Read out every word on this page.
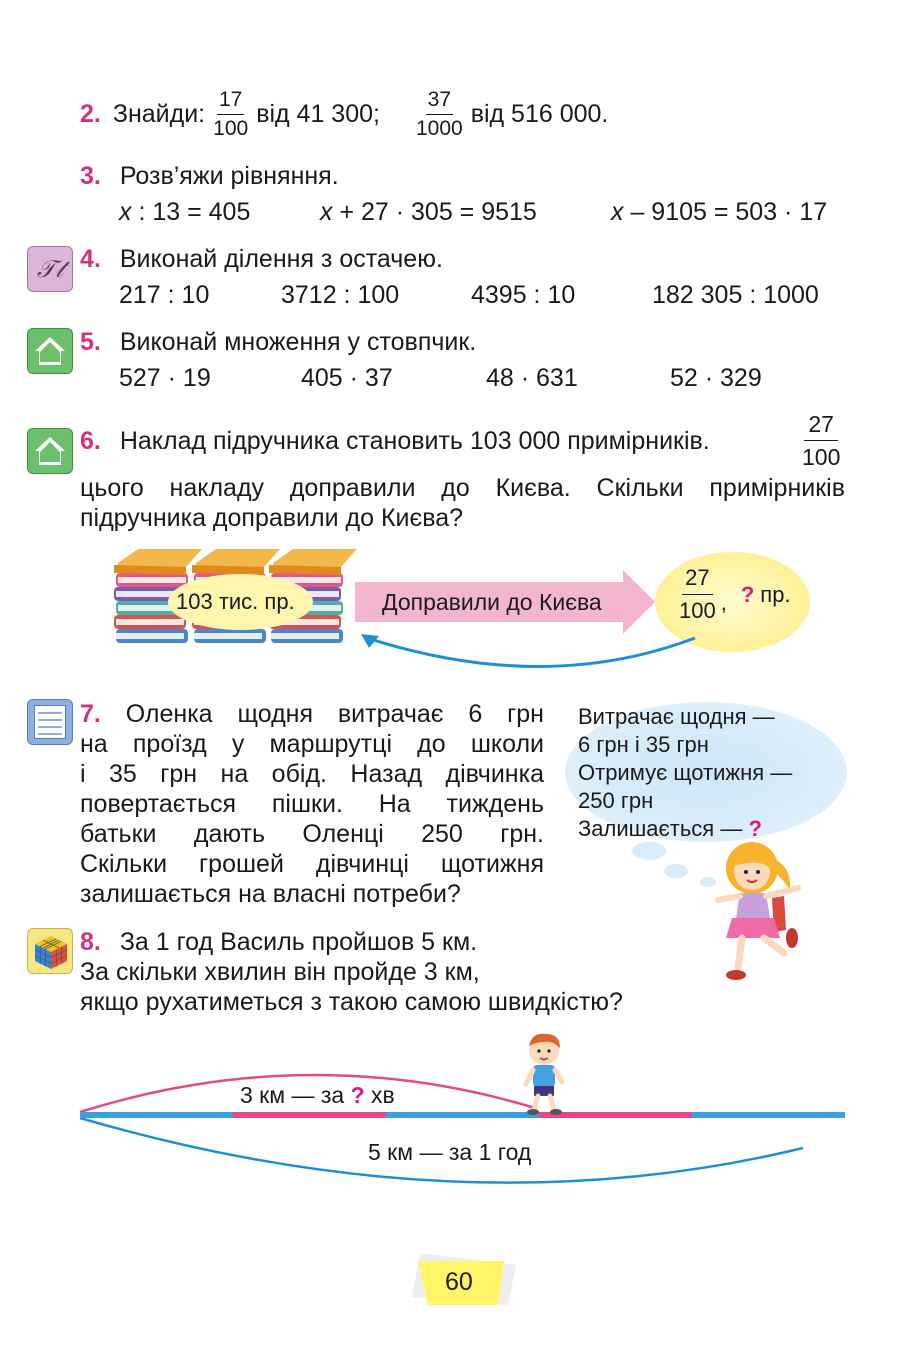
2. Знайди: $\frac{17}{100}$ від 41 300; $\frac{37}{1000}$ від 516 000.
3. Розв’яжи рівняння.
x : 13 = 405	x + 27 · 305 = 9515	x – 9105 = 503 · 17
𝒯𝓉 4. Виконай ділення з остачею.
217 : 10	3712 : 100	4395 : 10	182 305 : 1000
5. Виконай множення у стовпчик.
527 · 19	405 · 37	48 · 631	52 · 329
6. Наклад підручника становить 103 000 примірників.	$\frac{27}{100}$
цього накладу доправили до Києва. Скільки примірників
підручника доправили до Києва?
103 тис. пр.	Доправили до Києва	$\frac{27}{100}$ , ? пр.
7. Оленка щодня витрачає 6 грн
на проїзд у маршрутці до школи
і 35 грн на обід. Назад дівчинка
повертається пішки. На тиждень
батьки дають Оленці 250 грн.
Скільки грошей дівчинці щотижня
залишається на власні потреби?
Витрачає щодня —
6 грн і 35 грн
Отримує щотижня —
250 грн
Залишається — ?
8. За 1 год Василь пройшов 5 км.
За скільки хвилин він пройде 3 км,
якщо рухатиметься з такою самою швидкістю?
3 км — за ? хв
5 км — за 1 год
60
